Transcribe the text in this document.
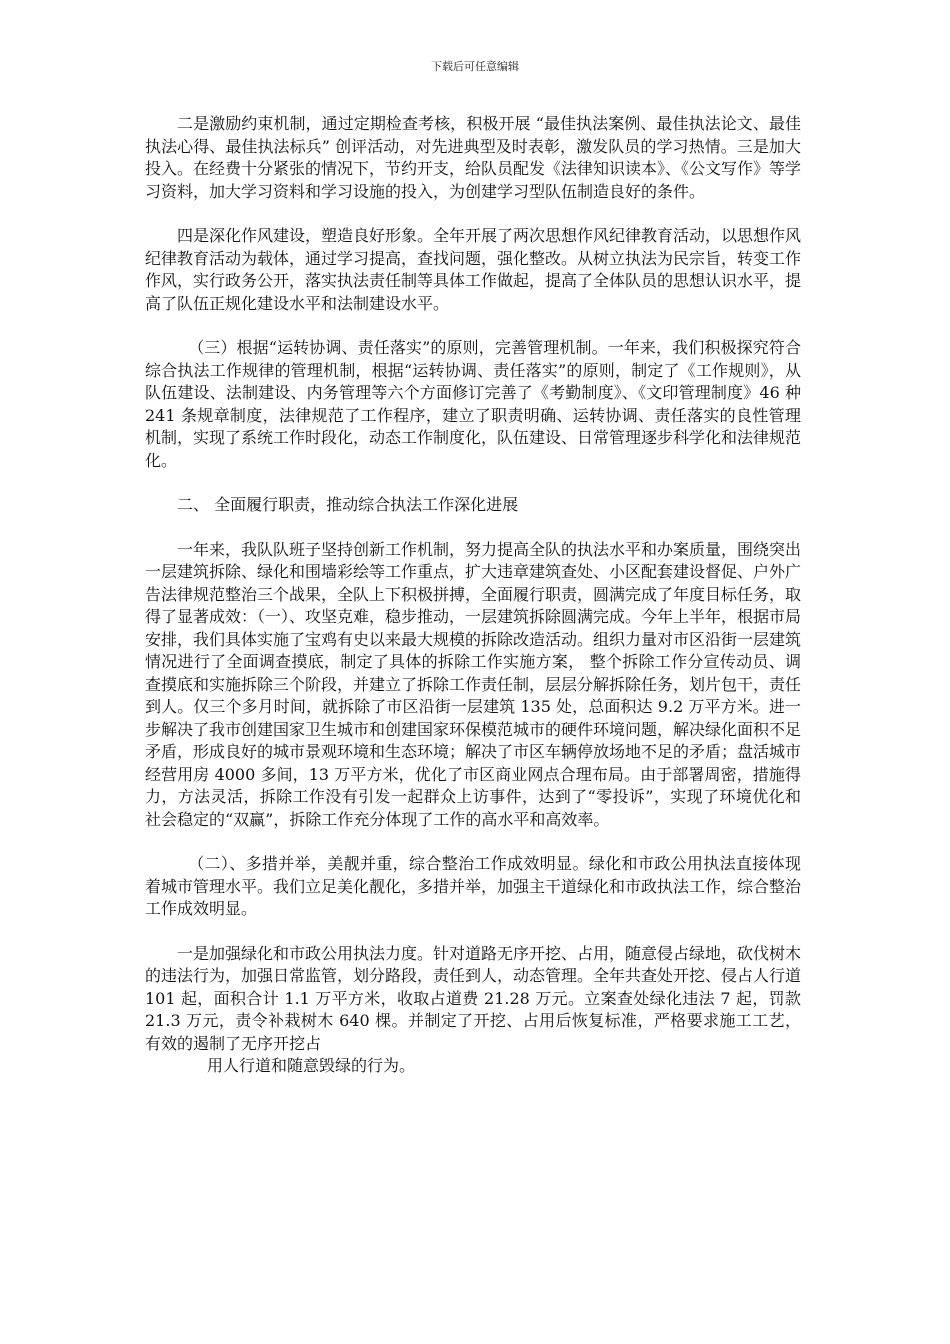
下载后可任意编辑

二是激励约束机制，通过定期检查考核，积极开展 “最佳执法案例、最佳执法论文、最佳执法心得、最佳执法标兵” 创评活动，对先进典型及时表彰，激发队员的学习热情。三是加大投入。在经费十分紧张的情况下，节约开支，给队员配发《法律知识读本》、《公文写作》等学习资料，加大学习资料和学习设施的投入，为创建学习型队伍制造良好的条件。

四是深化作风建设，塑造良好形象。全年开展了两次思想作风纪律教育活动，以思想作风纪律教育活动为载体，通过学习提高，查找问题，强化整改。从树立执法为民宗旨，转变工作作风，实行政务公开，落实执法责任制等具体工作做起，提高了全体队员的思想认识水平，提高了队伍正规化建设水平和法制建设水平。

（三）根据“运转协调、责任落实”的原则，完善管理机制。一年来，我们积极探究符合综合执法工作规律的管理机制，根据“运转协调、责任落实”的原则，制定了《工作规则》，从队伍建设、法制建设、内务管理等六个方面修订完善了《考勤制度》、《文印管理制度》46 种 241 条规章制度，法律规范了工作程序，建立了职责明确、运转协调、责任落实的良性管理机制，实现了系统工作时段化，动态工作制度化，队伍建设、日常管理逐步科学化和法律规范化。

二、 全面履行职责，推动综合执法工作深化进展

一年来，我队队班子坚持创新工作机制，努力提高全队的执法水平和办案质量，围绕突出一层建筑拆除、绿化和围墙彩绘等工作重点，扩大违章建筑查处、小区配套建设督促、户外广告法律规范整治三个战果，全队上下积极拼搏，全面履行职责，圆满完成了年度目标任务，取得了显著成效：（一）、攻坚克难，稳步推动，一层建筑拆除圆满完成。今年上半年，根据市局安排，我们具体实施了宝鸡有史以来最大规模的拆除改造活动。组织力量对市区沿街一层建筑情况进行了全面调查摸底，制定了具体的拆除工作实施方案， 整个拆除工作分宣传动员、调查摸底和实施拆除三个阶段，并建立了拆除工作责任制，层层分解拆除任务，划片包干，责任到人。仅三个多月时间，就拆除了市区沿街一层建筑 135 处，总面积达 9.2 万平方米。进一步解决了我市创建国家卫生城市和创建国家环保模范城市的硬件环境问题，解决绿化面积不足矛盾，形成良好的城市景观环境和生态环境；解决了市区车辆停放场地不足的矛盾；盘活城市经营用房 4000 多间，13 万平方米，优化了市区商业网点合理布局。由于部署周密，措施得力，方法灵活，拆除工作没有引发一起群众上访事件，达到了“零投诉”，实现了环境优化和社会稳定的“双赢”，拆除工作充分体现了工作的高水平和高效率。

（二）、多措并举，美靓并重，综合整治工作成效明显。绿化和市政公用执法直接体现着城市管理水平。我们立足美化靓化，多措并举，加强主干道绿化和市政执法工作，综合整治工作成效明显。

一是加强绿化和市政公用执法力度。针对道路无序开挖、占用，随意侵占绿地，砍伐树木的违法行为，加强日常监管，划分路段，责任到人，动态管理。全年共查处开挖、侵占人行道 101 起，面积合计 1.1 万平方米，收取占道费 21.28 万元。立案查处绿化违法 7 起，罚款 21.3 万元，责令补栽树木 640 棵。并制定了开挖、占用后恢复标准，严格要求施工工艺，有效的遏制了无序开挖占

用人行道和随意毁绿的行为。
